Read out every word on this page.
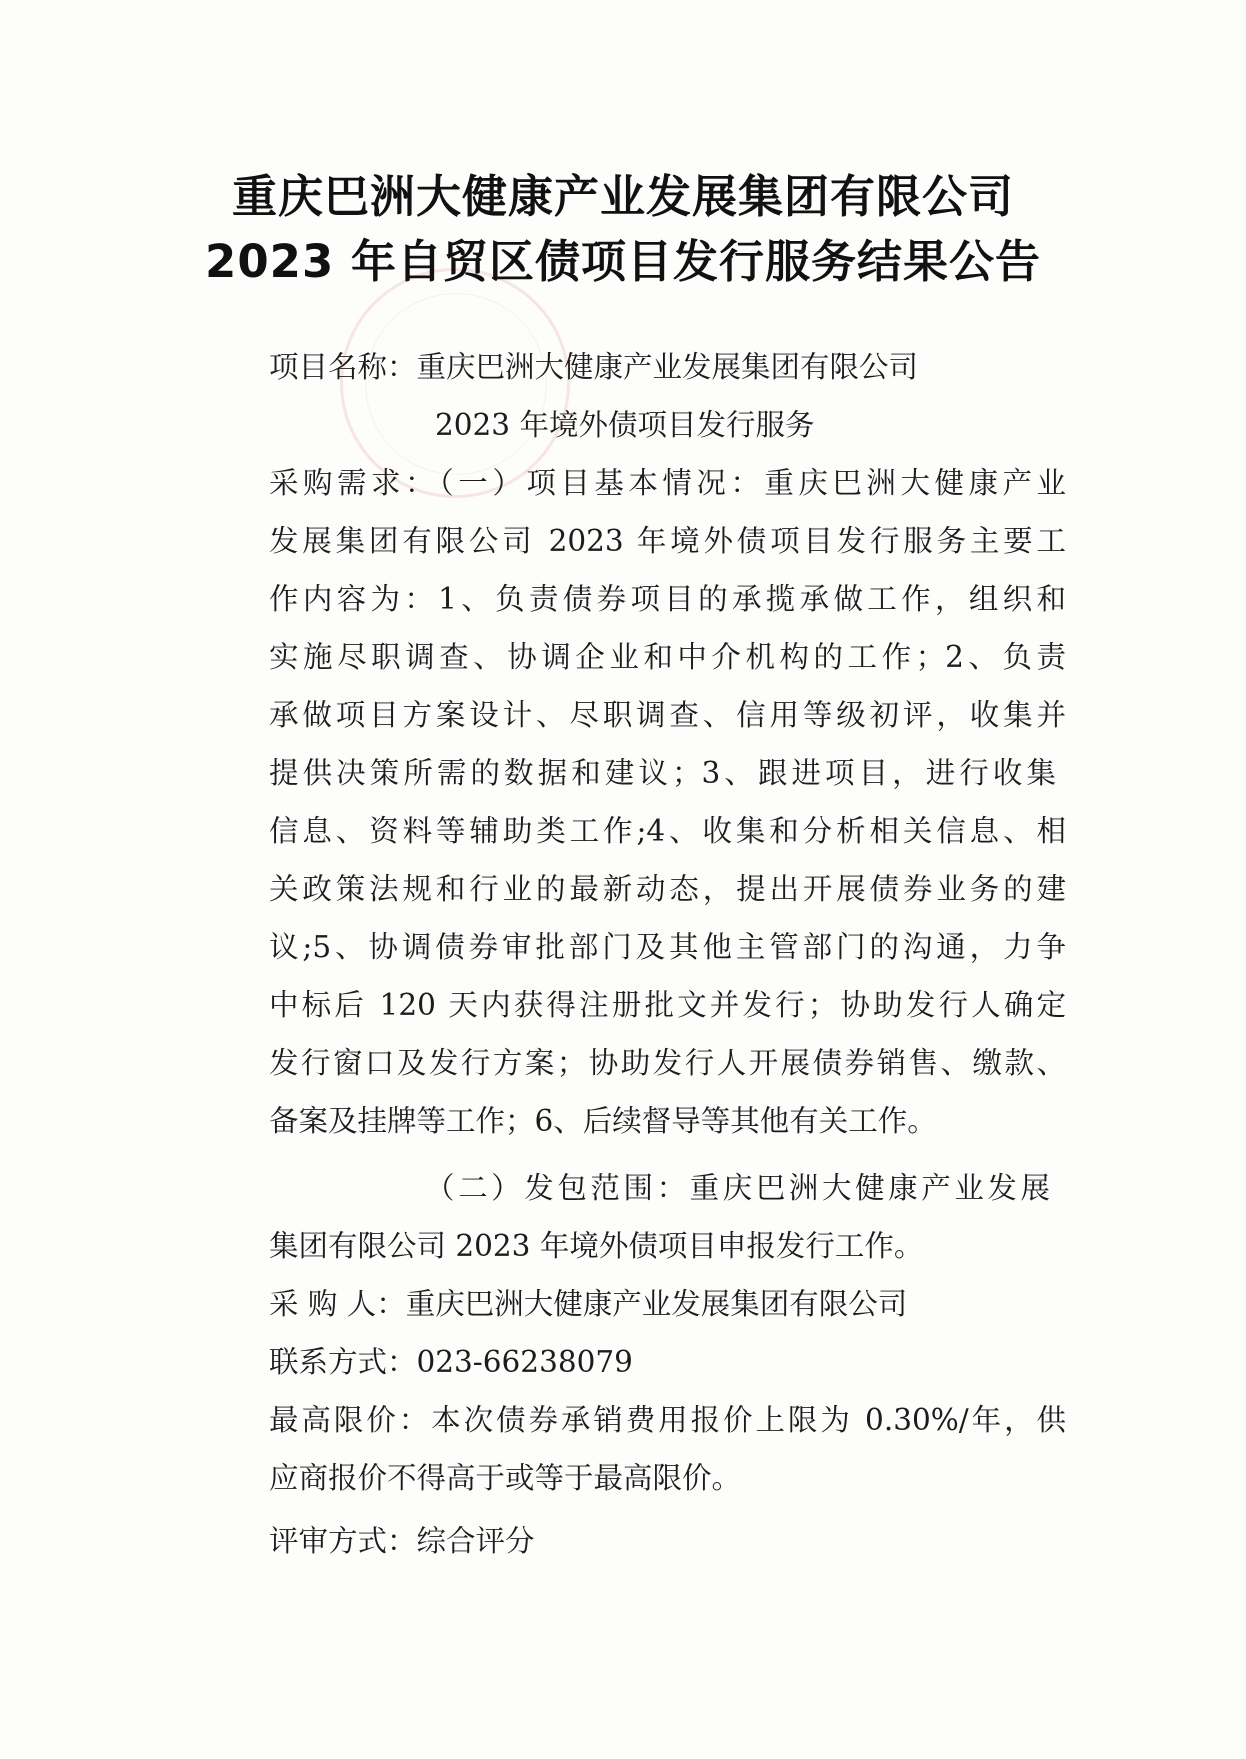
重庆巴洲大健康产业发展集团有限公司
2023 年自贸区债项目发行服务结果公告
项目名称：重庆巴洲大健康产业发展集团有限公司
2023 年境外债项目发行服务
采购需求：（一）项目基本情况：重庆巴洲大健康产业
发展集团有限公司 2023 年境外债项目发行服务主要工
作内容为：1、负责债券项目的承揽承做工作，组织和
实施尽职调查、协调企业和中介机构的工作；2、负责
承做项目方案设计、尽职调查、信用等级初评，收集并
提供决策所需的数据和建议；3、跟进项目，进行收集
信息、资料等辅助类工作;4、收集和分析相关信息、相
关政策法规和行业的最新动态，提出开展债券业务的建
议;5、协调债券审批部门及其他主管部门的沟通，力争
中标后 120 天内获得注册批文并发行；协助发行人确定
发行窗口及发行方案；协助发行人开展债券销售、缴款、
备案及挂牌等工作；6、后续督导等其他有关工作。
（二）发包范围：重庆巴洲大健康产业发展
集团有限公司 2023 年境外债项目申报发行工作。
采 购 人：重庆巴洲大健康产业发展集团有限公司
联系方式：023-66238079
最高限价：本次债券承销费用报价上限为 0.30%/年，供
应商报价不得高于或等于最高限价。
评审方式：综合评分
